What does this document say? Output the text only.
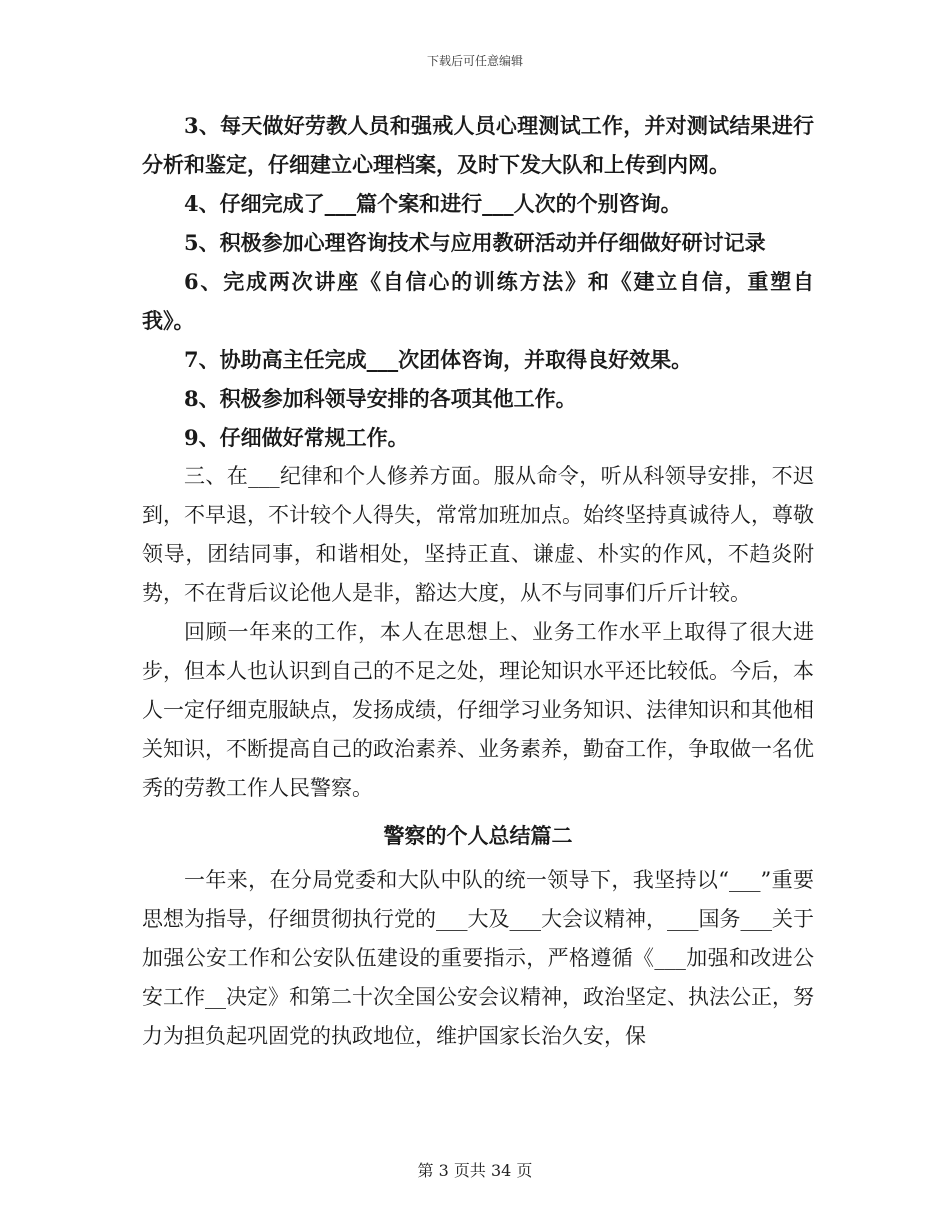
下载后可任意编辑

3、每天做好劳教人员和强戒人员心理测试工作，并对测试结果进行分析和鉴定，仔细建立心理档案，及时下发大队和上传到内网。

4、仔细完成了___篇个案和进行___人次的个别咨询。

5、积极参加心理咨询技术与应用教研活动并仔细做好研讨记录

6、完成两次讲座《自信心的训练方法》和《建立自信，重塑自我》。

7、协助高主任完成___次团体咨询，并取得良好效果。

8、积极参加科领导安排的各项其他工作。

9、仔细做好常规工作。

三、在___纪律和个人修养方面。服从命令，听从科领导安排，不迟到，不早退，不计较个人得失，常常加班加点。始终坚持真诚待人，尊敬领导，团结同事，和谐相处，坚持正直、谦虚、朴实的作风，不趋炎附势，不在背后议论他人是非，豁达大度，从不与同事们斤斤计较。

回顾一年来的工作，本人在思想上、业务工作水平上取得了很大进步，但本人也认识到自己的不足之处，理论知识水平还比较低。今后，本人一定仔细克服缺点，发扬成绩，仔细学习业务知识、法律知识和其他相关知识，不断提高自己的政治素养、业务素养，勤奋工作，争取做一名优秀的劳教工作人民警察。

警察的个人总结篇二

一年来，在分局党委和大队中队的统一领导下，我坚持以“___”重要思想为指导，仔细贯彻执行党的___大及___大会议精神，___国务___关于加强公安工作和公安队伍建设的重要指示，严格遵循《___加强和改进公安工作__决定》和第二十次全国公安会议精神，政治坚定、执法公正，努力为担负起巩固党的执政地位，维护国家长治久安，保

第 3 页共 34 页
